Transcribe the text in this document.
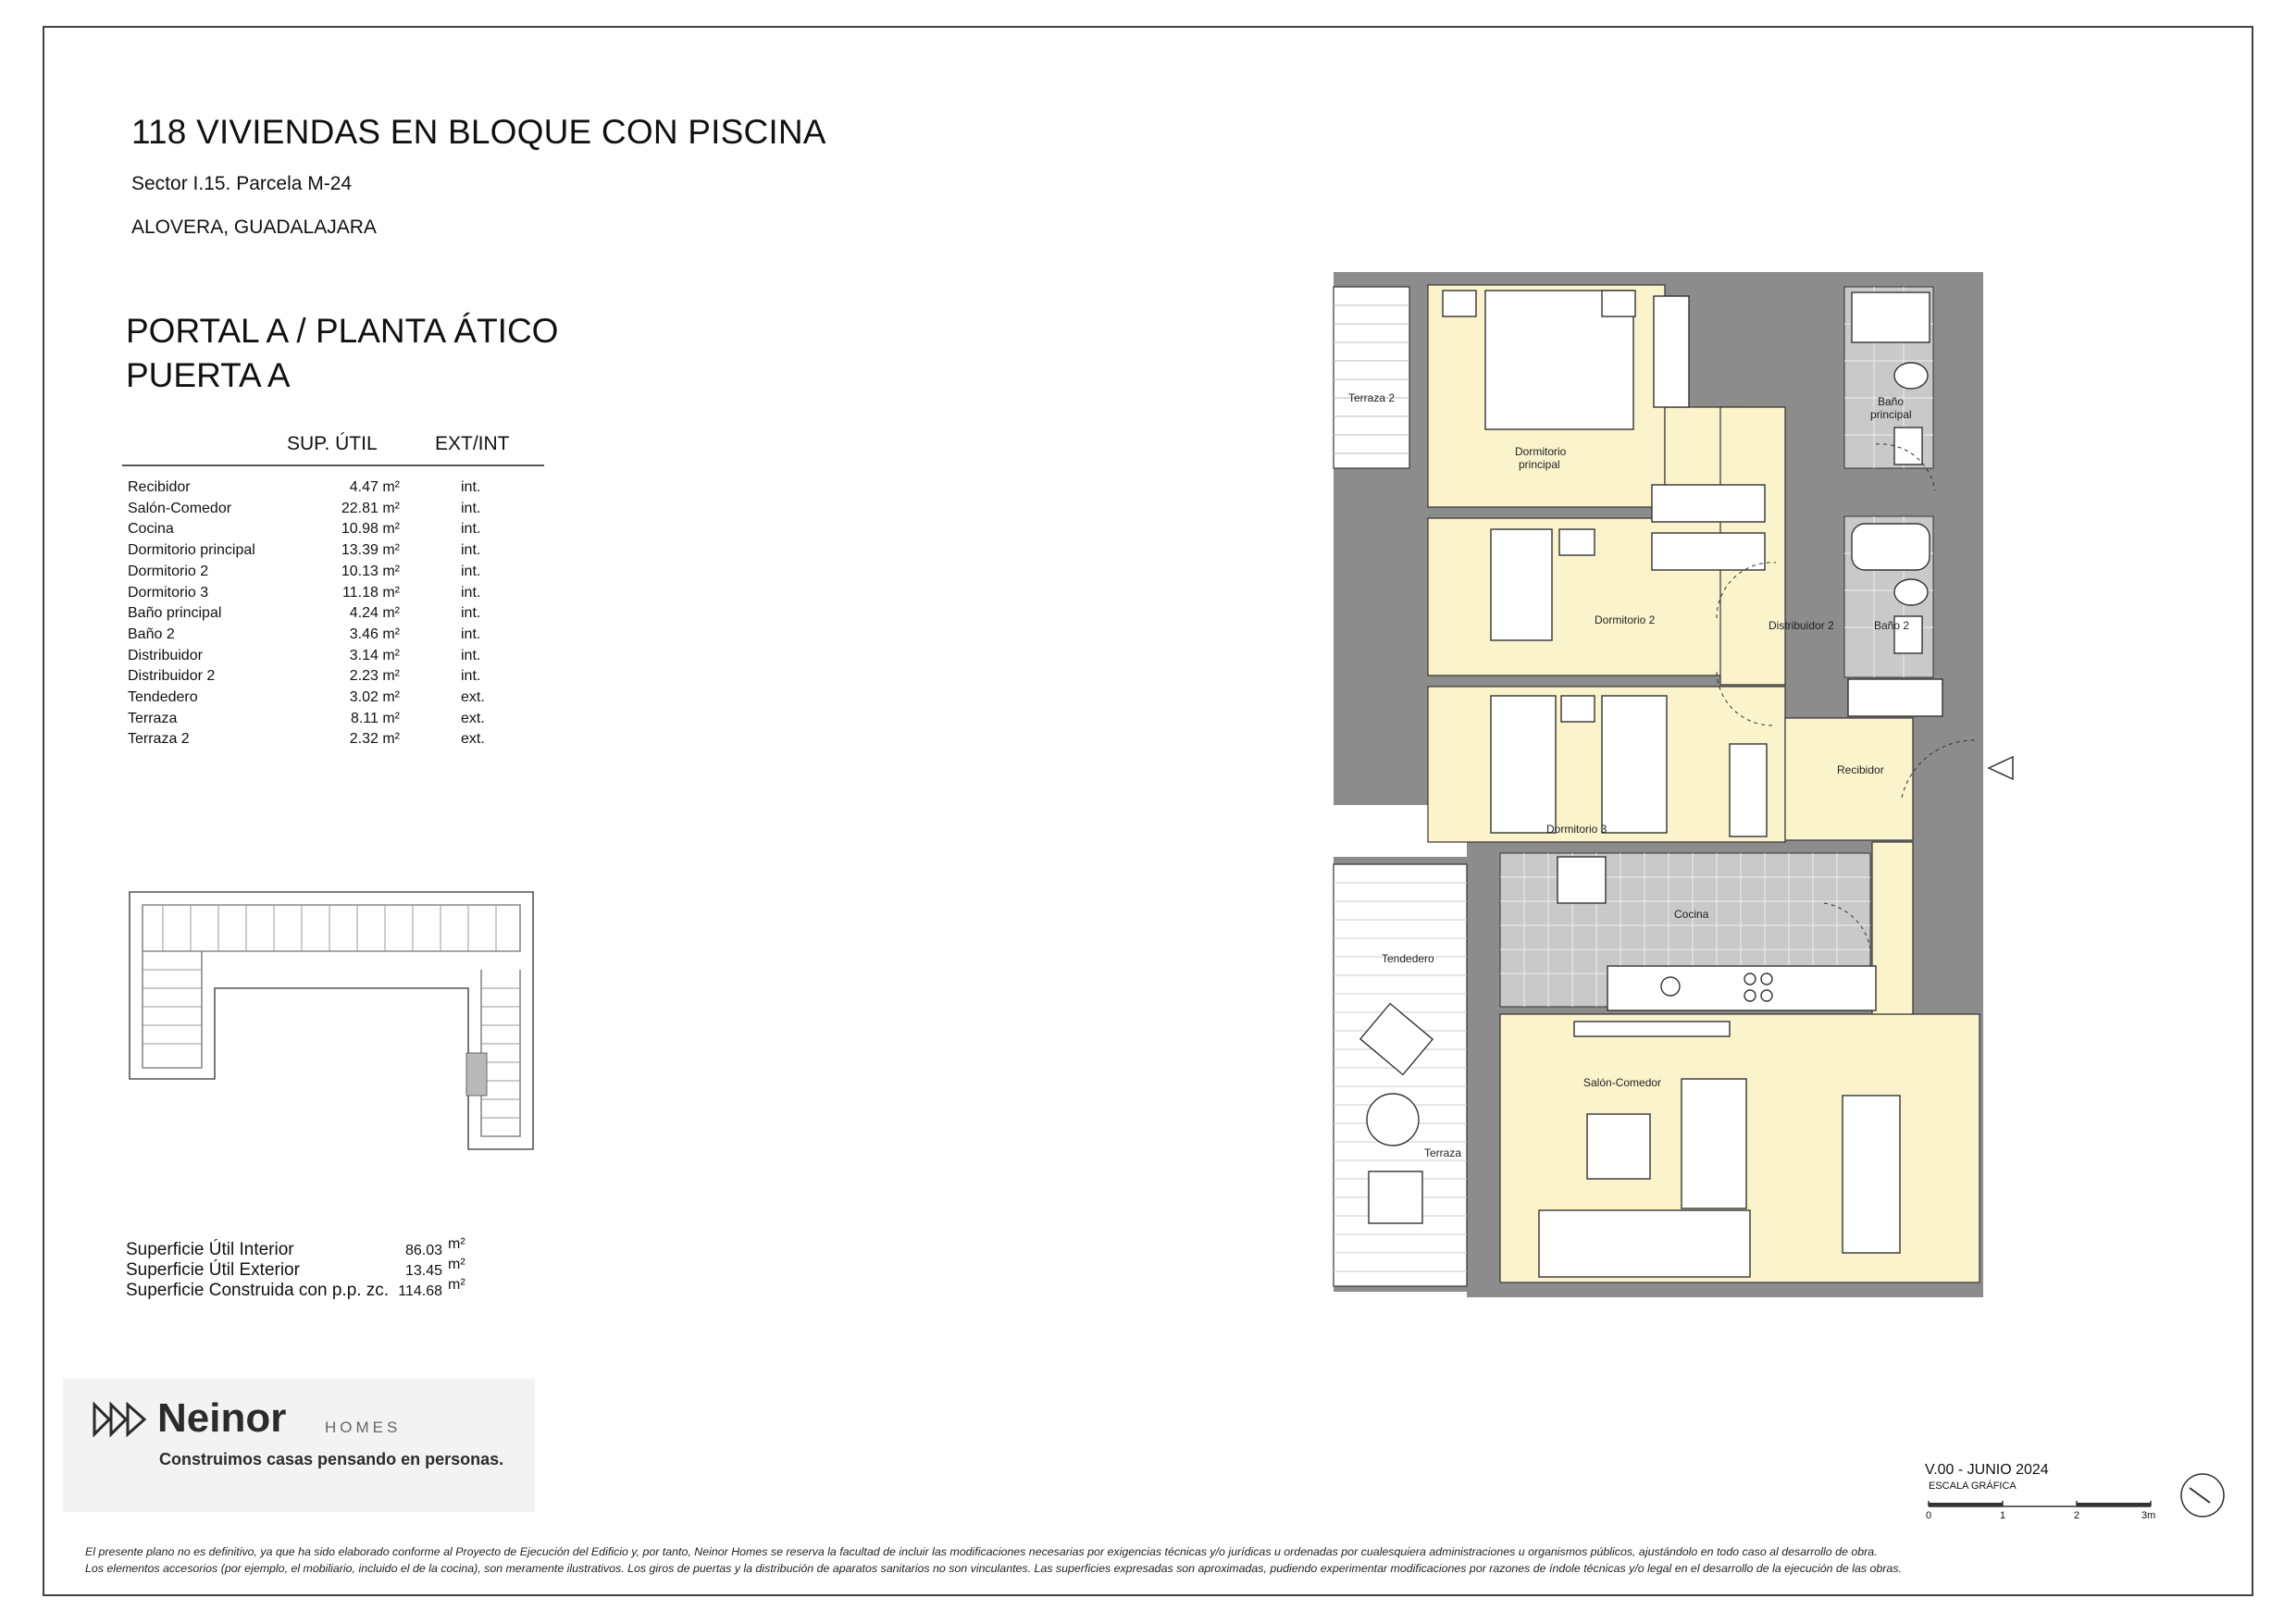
118 VIVIENDAS EN BLOQUE CON PISCINA
Sector I.15. Parcela M-24
ALOVERA, GUADALAJARA
PORTAL A / PLANTA ÁTICO
PUERTA A
SUP. ÚTIL	EXT/INT
Recibidor	4.47 m²	int.
Salón-Comedor	22.81 m²	int.
Cocina	10.98 m²	int.
Dormitorio principal	13.39 m²	int.
Dormitorio 2	10.13 m²	int.
Dormitorio 3	11.18 m²	int.
Baño principal	4.24 m²	int.
Baño 2	3.46 m²	int.
Distribuidor	3.14 m²	int.
Distribuidor 2	2.23 m²	int.
Tendedero	3.02 m²	ext.
Terraza	8.11 m²	ext.
Terraza 2	2.32 m²	ext.
Superficie Útil Interior	86.03 m²
Superficie Útil Exterior	13.45 m²
Superficie Construida con p.p. zc. 114.68 m²
Terraza 2
Dormitorio
principal
Baño
principal
Dormitorio 2	Distribuidor 2	Baño 2
Recibidor
Dormitorio 3
Cocina
Tendedero
Salón-Comedor
Terraza
Neinor HOMES
Construimos casas pensando en personas.
V.00 - JUNIO 2024
ESCALA GRÁFICA
0	1	2	3m
El presente plano no es definitivo, ya que ha sido elaborado conforme al Proyecto de Ejecución del Edificio y, por tanto, Neinor Homes se reserva la facultad de incluir las modificaciones necesarias por exigencias técnicas y/o jurídicas u ordenadas por cualesquiera administraciones u organismos públicos, ajustándolo en todo caso al desarrollo de obra.
Los elementos accesorios (por ejemplo, el mobiliario, incluido el de la cocina), son meramente ilustrativos. Los giros de puertas y la distribución de aparatos sanitarios no son vinculantes. Las superficies expresadas son aproximadas, pudiendo experimentar modificaciones por razones de índole técnicas y/o legal en el desarrollo de la ejecución de las obras.
